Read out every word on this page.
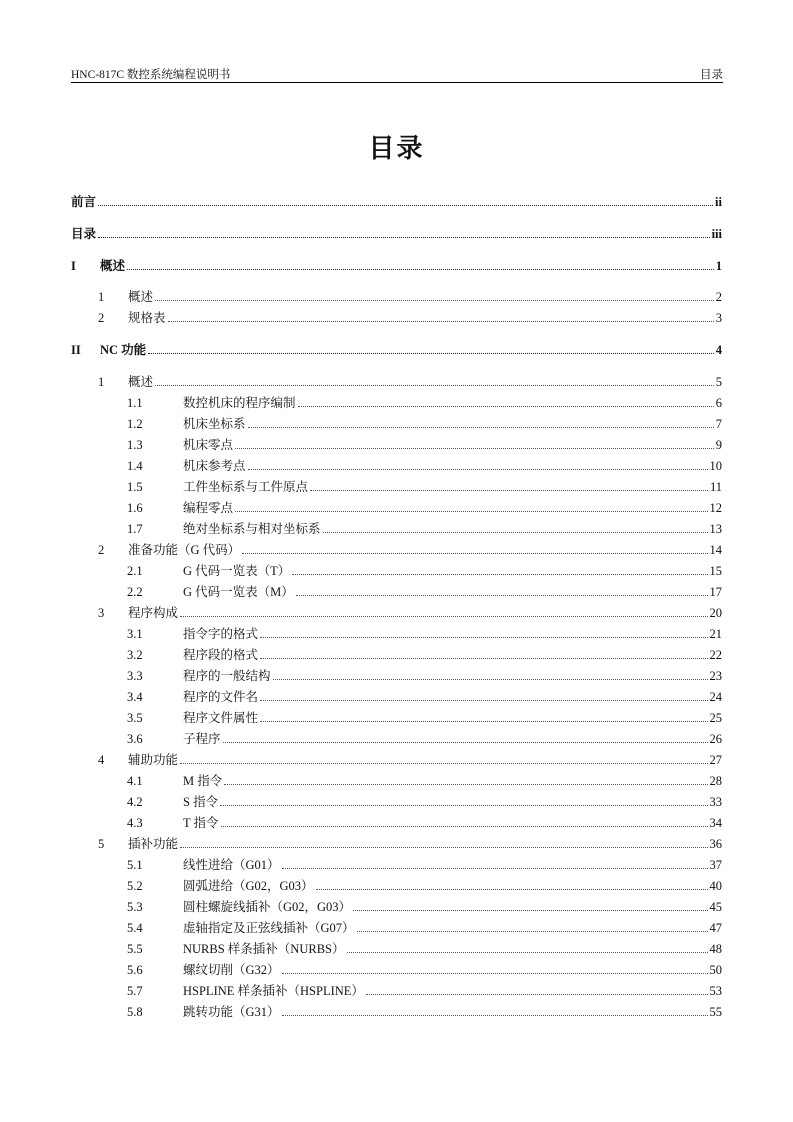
HNC-817C 数控系统编程说明书	目录
目录
前言	ii
目录	iii
I	概述	1
1	概述	2
2	规格表	3
II	NC 功能	4
1	概述	5
1.1	数控机床的程序编制	6
1.2	机床坐标系	7
1.3	机床零点	9
1.4	机床参考点	10
1.5	工件坐标系与工件原点	11
1.6	编程零点	12
1.7	绝对坐标系与相对坐标系	13
2	准备功能（G 代码）	14
2.1	G 代码一览表（T）	15
2.2	G 代码一览表（M）	17
3	程序构成	20
3.1	指令字的格式	21
3.2	程序段的格式	22
3.3	程序的一般结构	23
3.4	程序的文件名	24
3.5	程序文件属性	25
3.6	子程序	26
4	辅助功能	27
4.1	M 指令	28
4.2	S 指令	33
4.3	T 指令	34
5	插补功能	36
5.1	线性进给（G01）	37
5.2	圆弧进给（G02，G03）	40
5.3	圆柱螺旋线插补（G02，G03）	45
5.4	虚轴指定及正弦线插补（G07）	47
5.5	NURBS 样条插补（NURBS）	48
5.6	螺纹切削（G32）	50
5.7	HSPLINE 样条插补（HSPLINE）	53
5.8	跳转功能（G31）	55
